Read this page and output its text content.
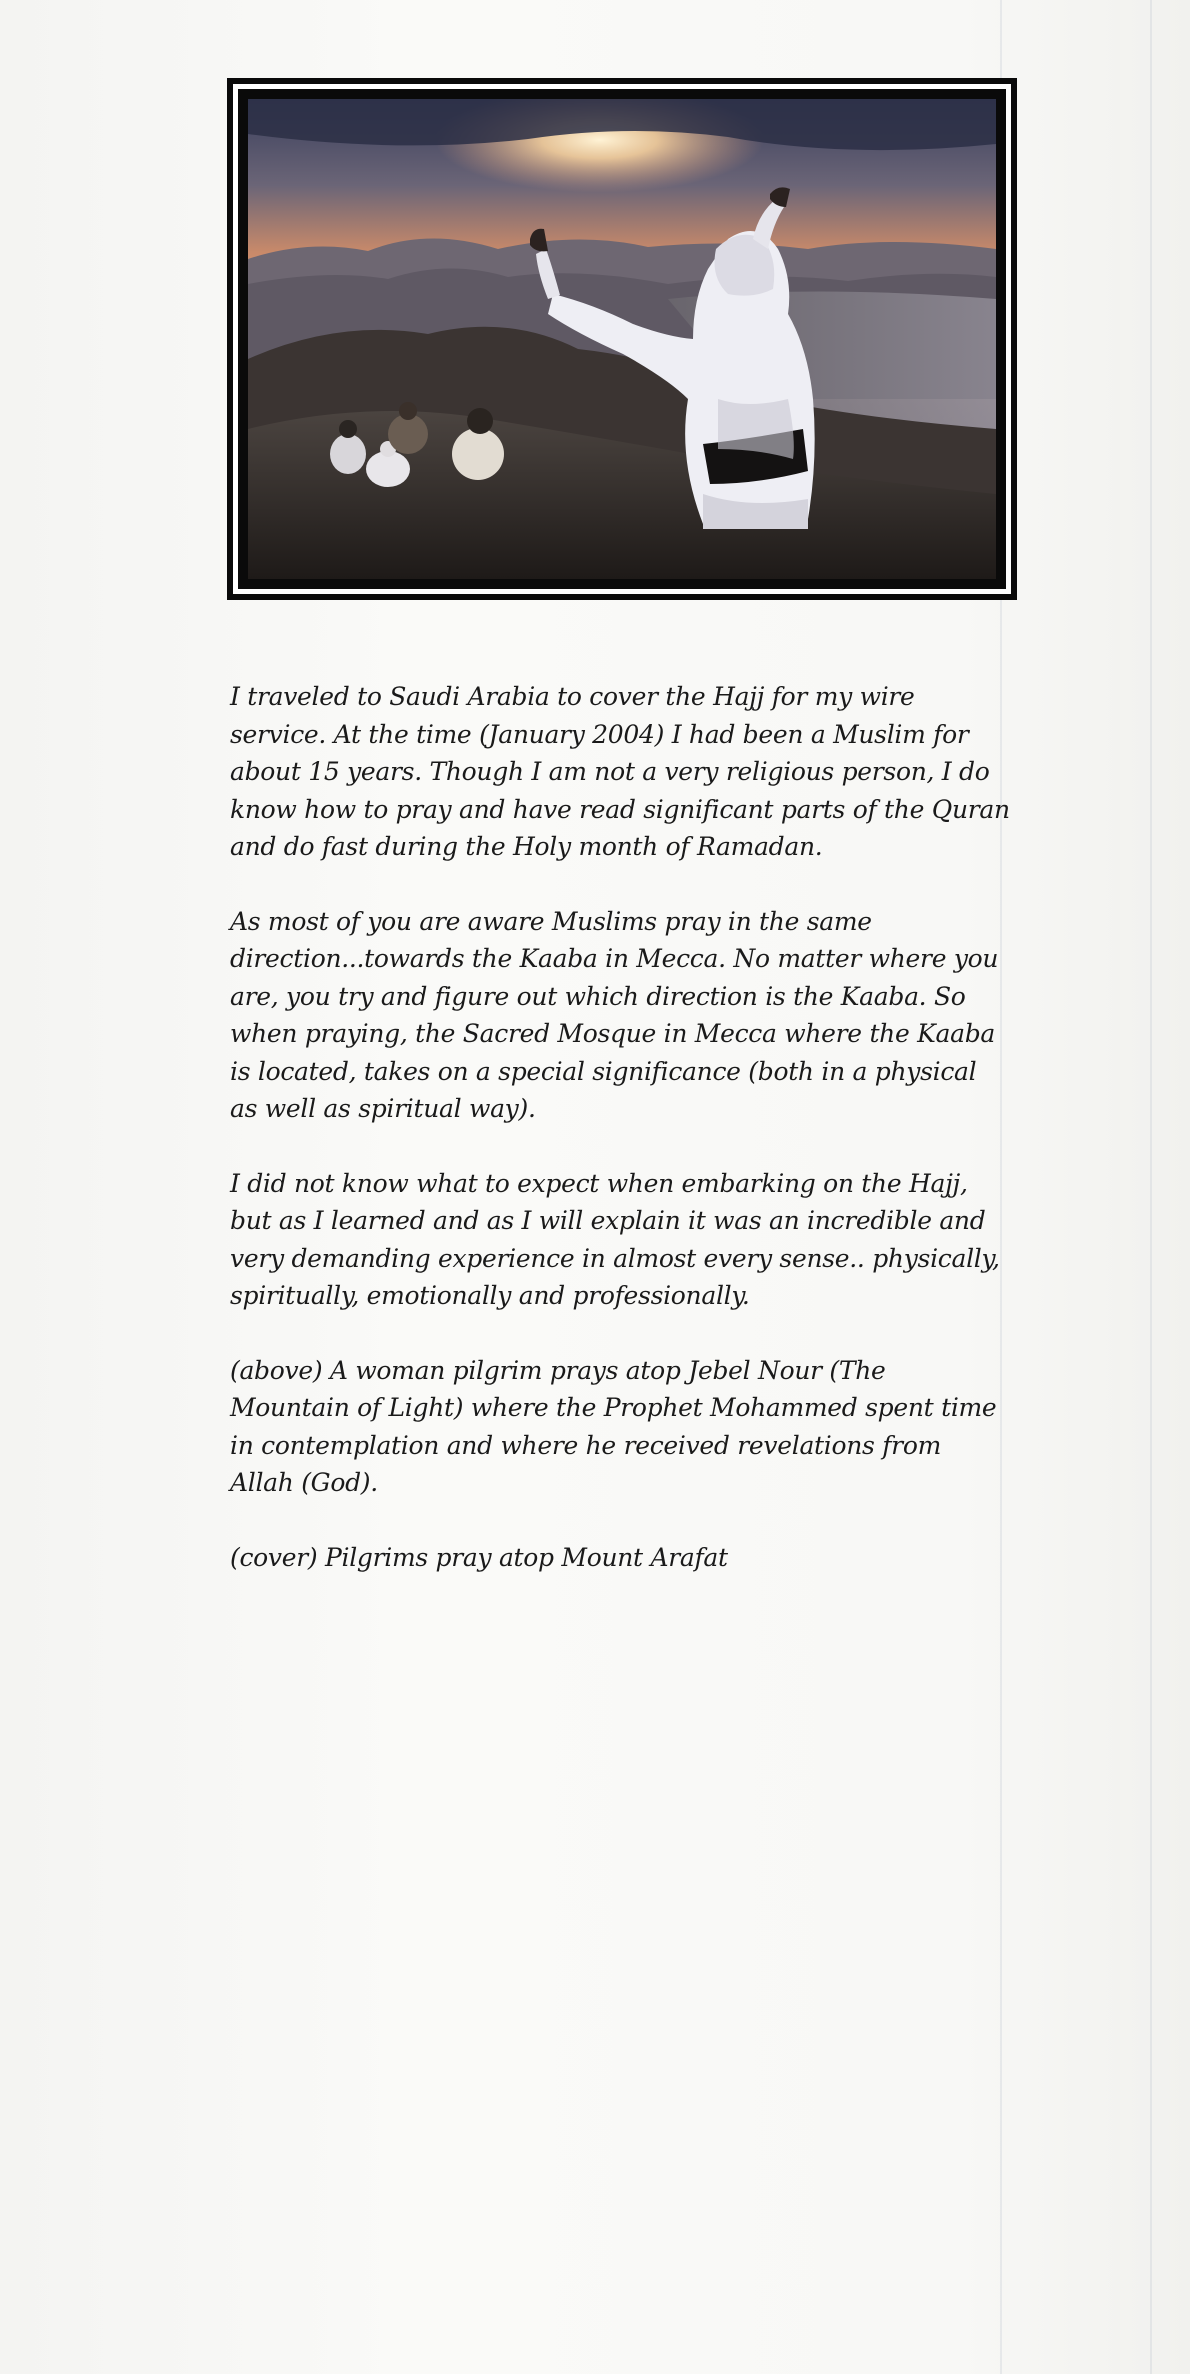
I traveled to Saudi Arabia to cover the Hajj for my wire service. At the time (January 2004) I had been a Muslim for about 15 years. Though I am not a very religious person, I do know how to pray and have read significant parts of the Quran and do fast during the Holy month of Ramadan.

As most of you are aware Muslims pray in the same direction...towards the Kaaba in Mecca. No matter where you are, you try and figure out which direction is the Kaaba. So when praying, the Sacred Mosque in Mecca where the Kaaba is located, takes on a special significance (both in a physical as well as spiritual way).

I did not know what to expect when embarking on the Hajj, but as I learned and as I will explain it was an incredible and very demanding experience in almost every sense.. physically, spiritually, emotionally and professionally.

(above) A woman pilgrim prays atop Jebel Nour (The Mountain of Light) where the Prophet Mohammed spent time in contemplation and where he received revelations from Allah (God).

(cover) Pilgrims pray atop Mount Arafat
